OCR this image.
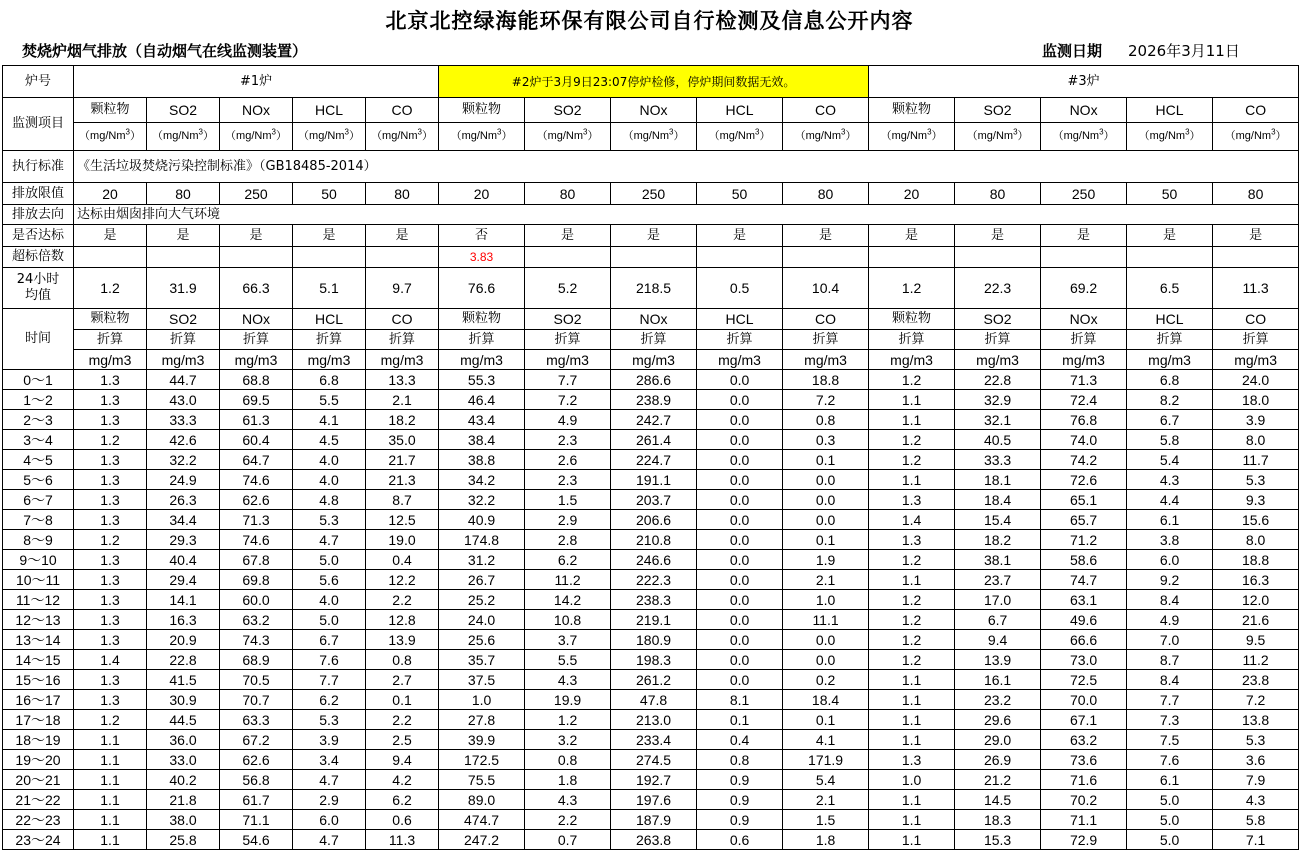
北京北控绿海能环保有限公司自行检测及信息公开内容
焚烧炉烟气排放（自动烟气在线监测装置）	监测日期 2026年3月11日
炉号	#1炉					#2炉于3月9日23:07停炉检修，停炉期间数据无效。					#3炉				
监测项目	颗粒物	SO2	NOx	HCL	CO	颗粒物	SO2	NOx	HCL	CO	颗粒物	SO2	NOx	HCL	CO
	（mg/Nm$^3$）	（mg/Nm$^3$）	（mg/Nm$^3$）	（mg/Nm$^3$）	（mg/Nm$^3$）	（mg/Nm$^3$）	（mg/Nm$^3$）	（mg/Nm$^3$）	（mg/Nm$^3$）	（mg/Nm$^3$）	（mg/Nm$^3$）	（mg/Nm$^3$）	（mg/Nm$^3$）	（mg/Nm$^3$）	（mg/Nm$^3$）
执行标准	《生活垃圾焚烧污染控制标准》（GB18485-2014）														
排放限值	20	80	250	50	80	20	80	250	50	80	20	80	250	50	80
排放去向	达标由烟囱排向大气环境														
是否达标	是	是	是	是	是	否	是	是	是	是	是	是	是	是	是
超标倍数						3.83									
24小时
均值	1.2	31.9	66.3	5.1	9.7	76.6	5.2	218.5	0.5	10.4	1.2	22.3	69.2	6.5	11.3
时间	颗粒物	SO2	NOx	HCL	CO	颗粒物	SO2	NOx	HCL	CO	颗粒物	SO2	NOx	HCL	CO
	折算	折算	折算	折算	折算	折算	折算	折算	折算	折算	折算	折算	折算	折算	折算
	mg/m3	mg/m3	mg/m3	mg/m3	mg/m3	mg/m3	mg/m3	mg/m3	mg/m3	mg/m3	mg/m3	mg/m3	mg/m3	mg/m3	mg/m3
0～1	1.3	44.7	68.8	6.8	13.3	55.3	7.7	286.6	0.0	18.8	1.2	22.8	71.3	6.8	24.0
1～2	1.3	43.0	69.5	5.5	2.1	46.4	7.2	238.9	0.0	7.2	1.1	32.9	72.4	8.2	18.0
2～3	1.3	33.3	61.3	4.1	18.2	43.4	4.9	242.7	0.0	0.8	1.1	32.1	76.8	6.7	3.9
3～4	1.2	42.6	60.4	4.5	35.0	38.4	2.3	261.4	0.0	0.3	1.2	40.5	74.0	5.8	8.0
4～5	1.3	32.2	64.7	4.0	21.7	38.8	2.6	224.7	0.0	0.1	1.2	33.3	74.2	5.4	11.7
5～6	1.3	24.9	74.6	4.0	21.3	34.2	2.3	191.1	0.0	0.0	1.1	18.1	72.6	4.3	5.3
6～7	1.3	26.3	62.6	4.8	8.7	32.2	1.5	203.7	0.0	0.0	1.3	18.4	65.1	4.4	9.3
7～8	1.3	34.4	71.3	5.3	12.5	40.9	2.9	206.6	0.0	0.0	1.4	15.4	65.7	6.1	15.6
8～9	1.2	29.3	74.6	4.7	19.0	174.8	2.8	210.8	0.0	0.1	1.3	18.2	71.2	3.8	8.0
9～10	1.3	40.4	67.8	5.0	0.4	31.2	6.2	246.6	0.0	1.9	1.2	38.1	58.6	6.0	18.8
10～11	1.3	29.4	69.8	5.6	12.2	26.7	11.2	222.3	0.0	2.1	1.1	23.7	74.7	9.2	16.3
11～12	1.3	14.1	60.0	4.0	2.2	25.2	14.2	238.3	0.0	1.0	1.2	17.0	63.1	8.4	12.0
12～13	1.3	16.3	63.2	5.0	12.8	24.0	10.8	219.1	0.0	11.1	1.2	6.7	49.6	4.9	21.6
13～14	1.3	20.9	74.3	6.7	13.9	25.6	3.7	180.9	0.0	0.0	1.2	9.4	66.6	7.0	9.5
14～15	1.4	22.8	68.9	7.6	0.8	35.7	5.5	198.3	0.0	0.0	1.2	13.9	73.0	8.7	11.2
15～16	1.3	41.5	70.5	7.7	2.7	37.5	4.3	261.2	0.0	0.2	1.1	16.1	72.5	8.4	23.8
16～17	1.3	30.9	70.7	6.2	0.1	1.0	19.9	47.8	8.1	18.4	1.1	23.2	70.0	7.7	7.2
17～18	1.2	44.5	63.3	5.3	2.2	27.8	1.2	213.0	0.1	0.1	1.1	29.6	67.1	7.3	13.8
18～19	1.1	36.0	67.2	3.9	2.5	39.9	3.2	233.4	0.4	4.1	1.1	29.0	63.2	7.5	5.3
19～20	1.1	33.0	62.6	3.4	9.4	172.5	0.8	274.5	0.8	171.9	1.3	26.9	73.6	7.6	3.6
20～21	1.1	40.2	56.8	4.7	4.2	75.5	1.8	192.7	0.9	5.4	1.0	21.2	71.6	6.1	7.9
21～22	1.1	21.8	61.7	2.9	6.2	89.0	4.3	197.6	0.9	2.1	1.1	14.5	70.2	5.0	4.3
22～23	1.1	38.0	71.1	6.0	0.6	474.7	2.2	187.9	0.9	1.5	1.1	18.3	71.1	5.0	5.8
23～24	1.1	25.8	54.6	4.7	11.3	247.2	0.7	263.8	0.6	1.8	1.1	15.3	72.9	5.0	7.1
